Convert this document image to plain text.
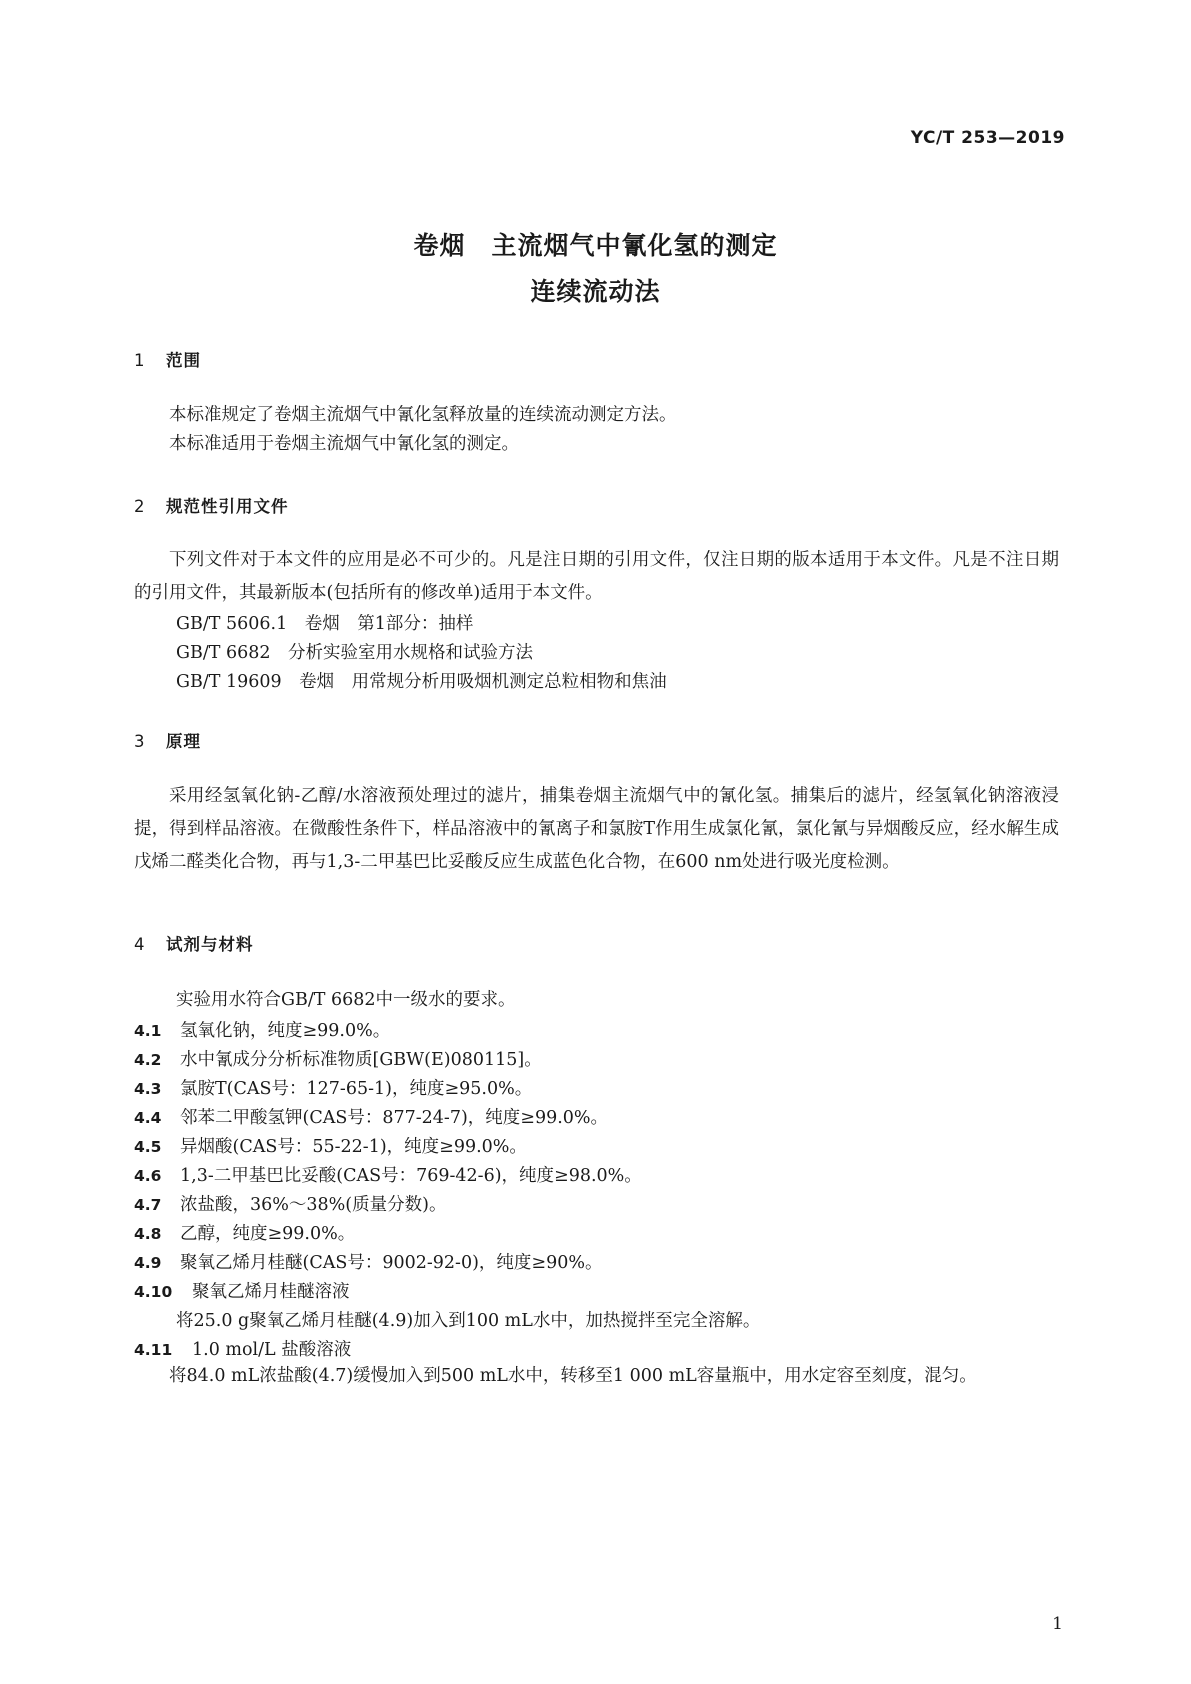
YC/T 253—2019
卷烟　主流烟气中氰化氢的测定
连续流动法
1 范围
本标准规定了卷烟主流烟气中氰化氢释放量的连续流动测定方法。
本标准适用于卷烟主流烟气中氰化氢的测定。
2 规范性引用文件
下列文件对于本文件的应用是必不可少的。凡是注日期的引用文件，仅注日期的版本适用于本文件。凡是不注日期的引用文件，其最新版本(包括所有的修改单)适用于本文件。
GB/T 5606.1　卷烟　第1部分：抽样
GB/T 6682　分析实验室用水规格和试验方法
GB/T 19609　卷烟　用常规分析用吸烟机测定总粒相物和焦油
3 原理
采用经氢氧化钠-乙醇/水溶液预处理过的滤片，捕集卷烟主流烟气中的氰化氢。捕集后的滤片，经氢氧化钠溶液浸提，得到样品溶液。在微酸性条件下，样品溶液中的氰离子和氯胺T作用生成氯化氰，氯化氰与异烟酸反应，经水解生成戊烯二醛类化合物，再与1,3-二甲基巴比妥酸反应生成蓝色化合物，在600 nm处进行吸光度检测。
4 试剂与材料
实验用水符合GB/T 6682中一级水的要求。
4.1 氢氧化钠，纯度≥99.0%。
4.2 水中氰成分分析标准物质[GBW(E)080115]。
4.3 氯胺T(CAS号：127-65-1)，纯度≥95.0%。
4.4 邻苯二甲酸氢钾(CAS号：877-24-7)，纯度≥99.0%。
4.5 异烟酸(CAS号：55-22-1)，纯度≥99.0%。
4.6 1,3-二甲基巴比妥酸(CAS号：769-42-6)，纯度≥98.0%。
4.7 浓盐酸，36%～38%(质量分数)。
4.8 乙醇，纯度≥99.0%。
4.9 聚氧乙烯月桂醚(CAS号：9002-92-0)，纯度≥90%。
4.10 聚氧乙烯月桂醚溶液
将25.0 g聚氧乙烯月桂醚(4.9)加入到100 mL水中，加热搅拌至完全溶解。
4.11 1.0 mol/L 盐酸溶液
将84.0 mL浓盐酸(4.7)缓慢加入到500 mL水中，转移至1 000 mL容量瓶中，用水定容至刻度，混匀。
1
